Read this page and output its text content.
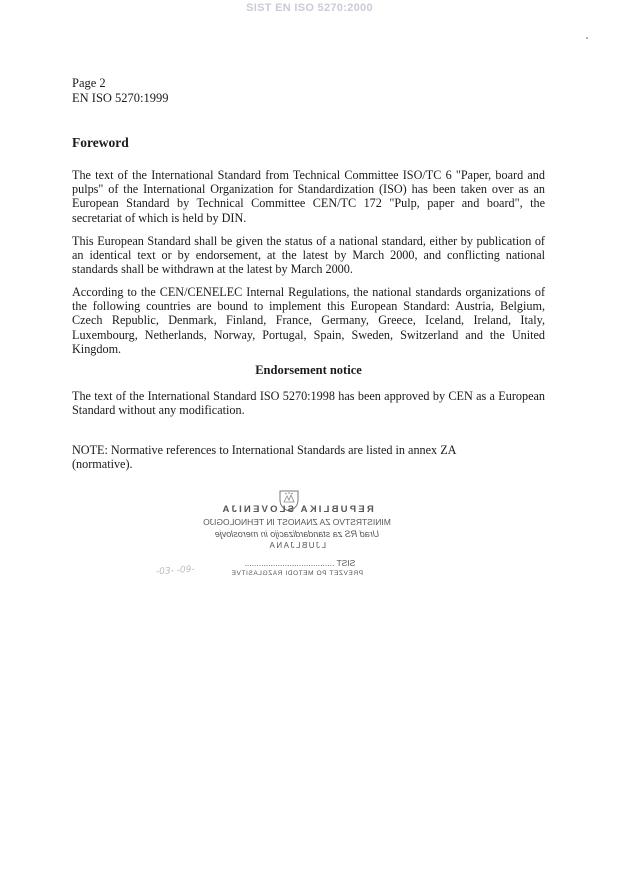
SIST EN ISO 5270:2000
Page 2
EN ISO 5270:1999
Foreword
The text of the International Standard from Technical Committee ISO/TC 6 "Paper, board and pulps" of the International Organization for Standardization (ISO) has been taken over as an European Standard by Technical Committee CEN/TC 172 "Pulp, paper and board", the secretariat of which is held by DIN.
This European Standard shall be given the status of a national standard, either by publication of an identical text or by endorsement, at the latest by March 2000, and conflicting national standards shall be withdrawn at the latest by March 2000.
According to the CEN/CENELEC Internal Regulations, the national standards organizations of the following countries are bound to implement this European Standard: Austria, Belgium, Czech Republic, Denmark, Finland, France, Germany, Greece, Iceland, Ireland, Italy, Luxembourg, Netherlands, Norway, Portugal, Spain, Sweden, Switzerland and the United Kingdom.
Endorsement notice
The text of the International Standard ISO 5270:1998 has been approved by CEN as a European Standard without any modification.
NOTE: Normative references to International Standards are listed in annex ZA (normative).
REPUBLIKA SLOVENIJA
MINISTRSTVO ZA ZNANOST IN TEHNOLOGIJO
Urad RS za standardizacijo in meroslovje
LJUBLJANA
SIST ......................................
PREVZET PO METODI RAZGLASITVE
-03- -09-
